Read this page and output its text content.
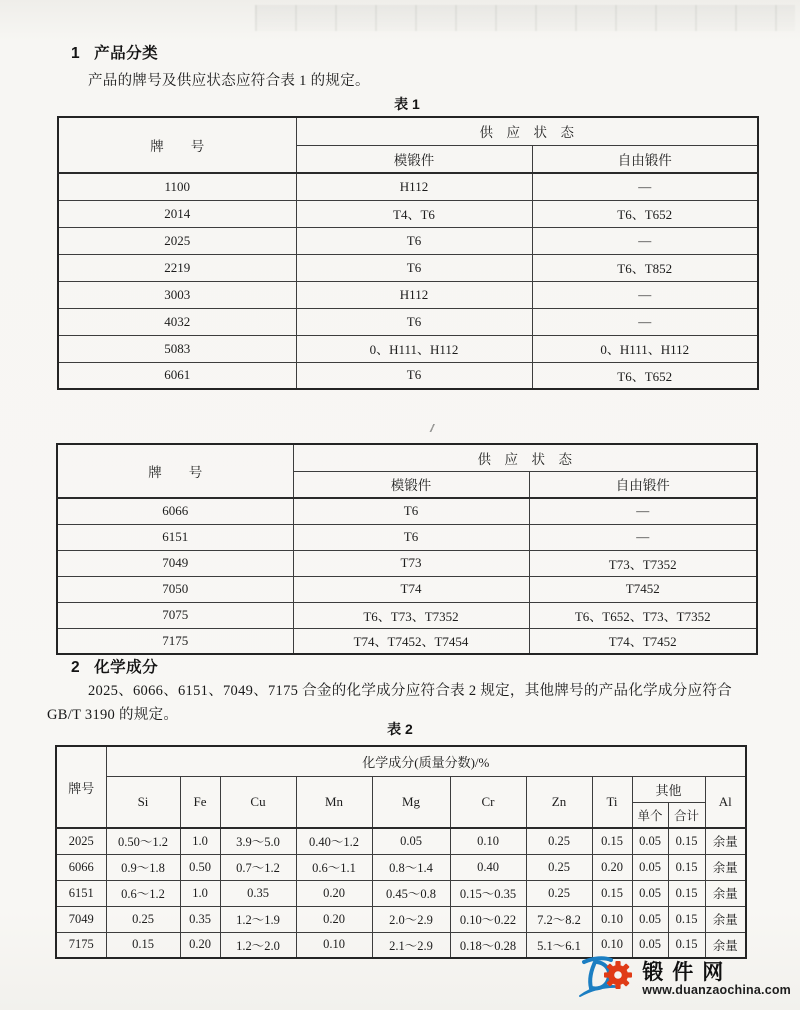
1 产品分类

产品的牌号及供应状态应符合表 1 的规定。

表 1
牌　　号	供　应　状　态	
	模锻件	自由锻件
1100	H112	—
2014	T4、T6	T6、T652
2025	T6	—
2219	T6	T6、T852
3003	H112	—
4032	T6	—
5083	0、H111、H112	0、H111、H112
6061	T6	T6、T652
牌　　号	供　应　状　态	
	模锻件	自由锻件
6066	T6	—
6151	T6	—
7049	T73	T73、T7352
7050	T74	T7452
7075	T6、T73、T7352	T6、T652、T73、T7352
7175	T74、T7452、T7454	T74、T7452
2 化学成分

2025、6066、6151、7049、7175 合金的化学成分应符合表 2 规定，其他牌号的产品化学成分应符合

GB/T 3190 的规定。

表 2
牌号	化学成分(质量分数)/%										
	Si	Fe	Cu	Mn	Mg	Cr	Zn	Ti	其他		Al
									单个	合计	
2025	0.50～1.2	1.0	3.9～5.0	0.40～1.2	0.05	0.10	0.25	0.15	0.05	0.15	余量
6066	0.9～1.8	0.50	0.7～1.2	0.6～1.1	0.8～1.4	0.40	0.25	0.20	0.05	0.15	余量
6151	0.6～1.2	1.0	0.35	0.20	0.45～0.8	0.15～0.35	0.25	0.15	0.05	0.15	余量
7049	0.25	0.35	1.2～1.9	0.20	2.0～2.9	0.10～0.22	7.2～8.2	0.10	0.05	0.15	余量
7175	0.15	0.20	1.2～2.0	0.10	2.1～2.9	0.18～0.28	5.1～6.1	0.10	0.05	0.15	余量
锻件网
www.duanzaochina.com
